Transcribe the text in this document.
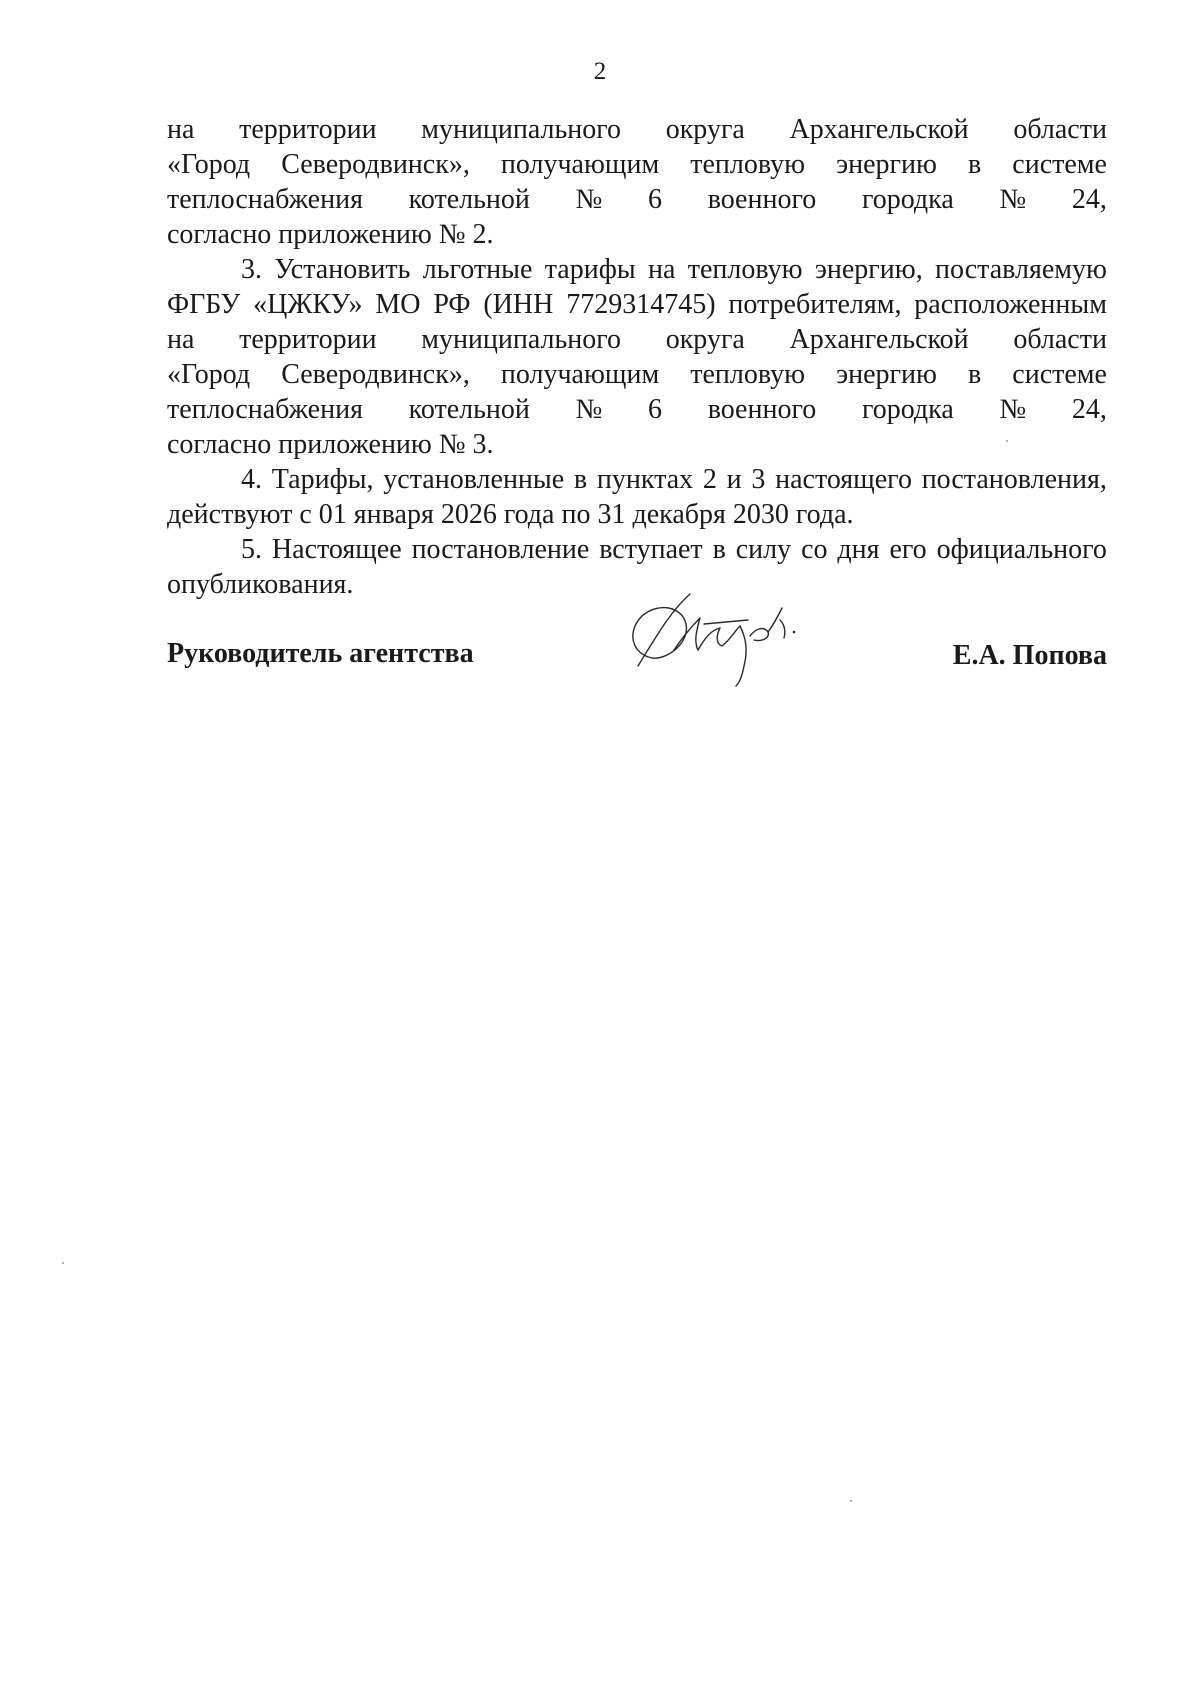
2
на территории муниципального округа Архангельской области
«Город Северодвинск», получающим тепловую энергию в системе
теплоснабжения котельной № 6 военного городка № 24,
согласно приложению № 2.
3. Установить льготные тарифы на тепловую энергию, поставляемую
ФГБУ «ЦЖКУ» МО РФ (ИНН 7729314745) потребителям, расположенным
на территории муниципального округа Архангельской области
«Город Северодвинск», получающим тепловую энергию в системе
теплоснабжения котельной № 6 военного городка № 24,
согласно приложению № 3.
4. Тарифы, установленные в пунктах 2 и 3 настоящего постановления,
действуют с 01 января 2026 года по 31 декабря 2030 года.
5. Настоящее постановление вступает в силу со дня его официального
опубликования.
Руководитель агентства	Е.А. Попова
